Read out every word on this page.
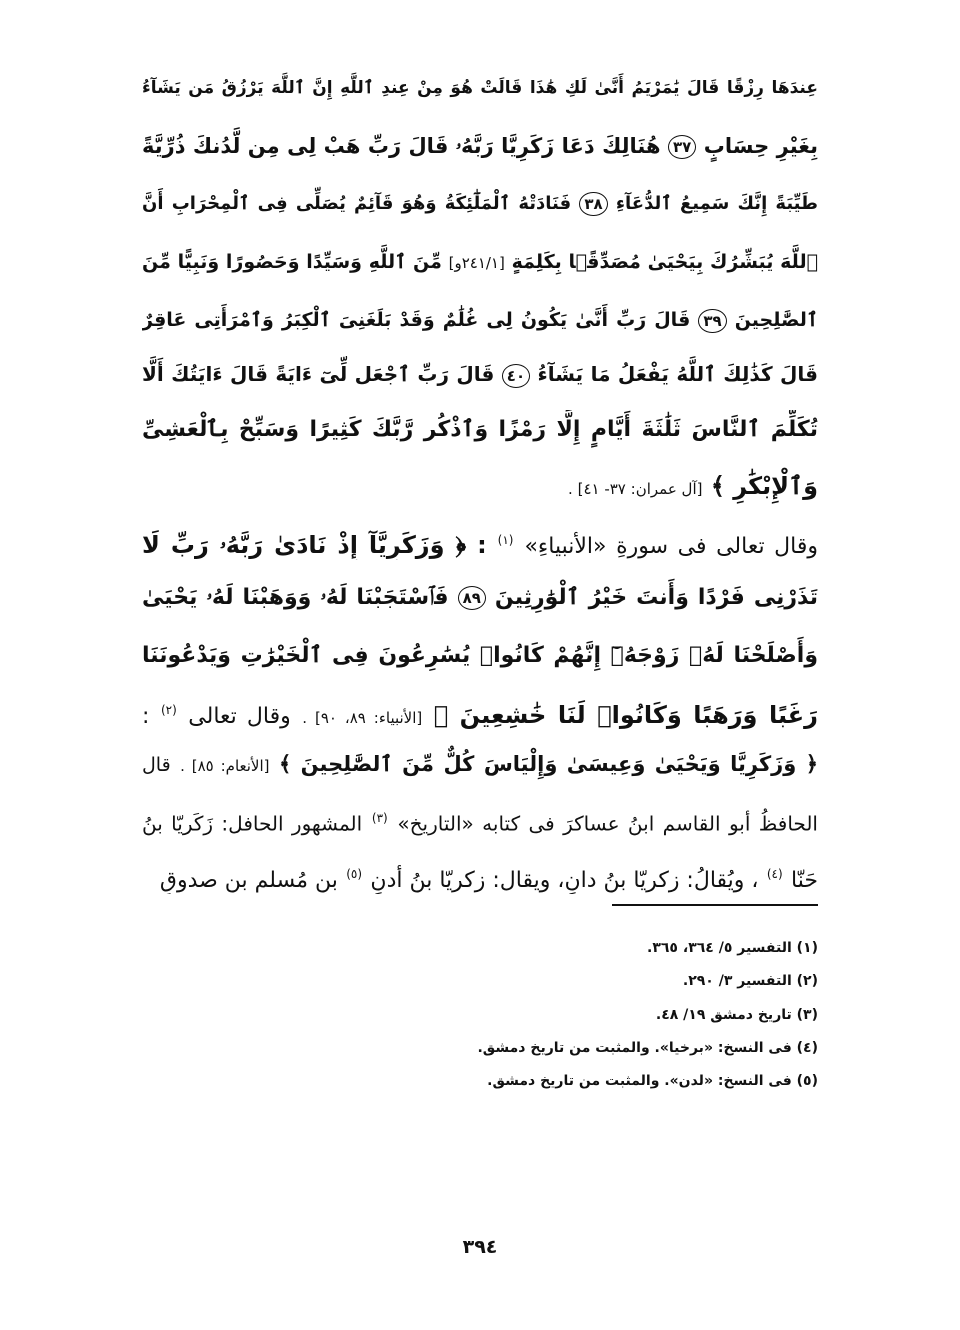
عِندَهَا رِزْقًا قَالَ يَٰمَرْيَمُ أَنَّىٰ لَكِ هَٰذَا قَالَتْ هُوَ مِنْ عِندِ ٱللَّهِ إِنَّ ٱللَّهَ يَرْزُقُ مَن يَشَآءُ
بِغَيْرِ حِسَابٍ ٣٧ هُنَالِكَ دَعَا زَكَرِيَّا رَبَّهُۥ قَالَ رَبِّ هَبْ لِى مِن لَّدُنكَ ذُرِّيَّةً
طَيِّبَةً إِنَّكَ سَمِيعُ ٱلدُّعَآءِ ٣٨ فَنَادَتْهُ ٱلْمَلَٰٓئِكَةُ وَهُوَ قَآئِمٌ يُصَلِّى فِى ٱلْمِحْرَابِ أَنَّ
ٱللَّهَ يُبَشِّرُكَ بِيَحْيَىٰ مُصَدِّقًۢا بِكَلِمَةٍ [٢٤١/١و] مِّنَ ٱللَّهِ وَسَيِّدًا وَحَصُورًا وَنَبِيًّا مِّنَ
ٱلصَّٰلِحِينَ ٣٩ قَالَ رَبِّ أَنَّىٰ يَكُونُ لِى غُلَٰمٌ وَقَدْ بَلَغَنِىَ ٱلْكِبَرُ وَٱمْرَأَتِى عَاقِرٌ
قَالَ كَذَٰلِكَ ٱللَّهُ يَفْعَلُ مَا يَشَآءُ ٤٠ قَالَ رَبِّ ٱجْعَل لِّىٓ ءَايَةً قَالَ ءَايَتُكَ أَلَّا
تُكَلِّمَ ٱلنَّاسَ ثَلَٰثَةَ أَيَّامٍ إِلَّا رَمْزًا وَٱذْكُر رَّبَّكَ كَثِيرًا وَسَبِّحْ بِٱلْعَشِىِّ
وَٱلْإِبْكَٰرِ ﴾ [آل عمران: ٣٧- ٤١] .
وقال تعالى فى سورةِ «الأنبياءِ» $^{(١)}$ : ﴿ وَزَكَرِيَّآ إِذْ نَادَىٰ رَبَّهُۥ رَبِّ لَا
تَذَرْنِى فَرْدًا وَأَنتَ خَيْرُ ٱلْوَٰرِثِينَ ٨٩ فَٱسْتَجَبْنَا لَهُۥ وَوَهَبْنَا لَهُۥ يَحْيَىٰ
وَأَصْلَحْنَا لَهُۥ زَوْجَهُۥٓ إِنَّهُمْ كَانُوا۟ يُسَٰرِعُونَ فِى ٱلْخَيْرَٰتِ وَيَدْعُونَنَا
رَغَبًا وَرَهَبًا وَكَانُوا۟ لَنَا خَٰشِعِينَ ﴾ [الأنبياء: ٨٩، ٩٠] . وقال تعالى $^{(٢)}$ :
﴿ وَزَكَرِيَّا وَيَحْيَىٰ وَعِيسَىٰ وَإِلْيَاسَ كُلٌّ مِّنَ ٱلصَّٰلِحِينَ ﴾ [الأنعام: ٨٥] . قال
الحافظُ أبو القاسم ابنُ عساكرَ فى كتابه «التاريخ» $^{(٣)}$ المشهور الحافل: زَكَريّا بنُ
حَنّا $^{(٤)}$ ، ويُقالُ: زكريّا بنُ دانٍ، ويقال: زكريّا بنُ أدنٍ $^{(٥)}$ بنِ مُسلم بن صدوقٍ
(١) التفسير ٥/ ٣٦٤، ٣٦٥.
(٢) التفسير ٣/ ٢٩٠.
(٣) تاريخ دمشق ١٩/ ٤٨.
(٤) فى النسخ: «برخيا». والمثبت من تاريخ دمشق.
(٥) فى النسخ: «لدن». والمثبت من تاريخ دمشق.
٣٩٤
